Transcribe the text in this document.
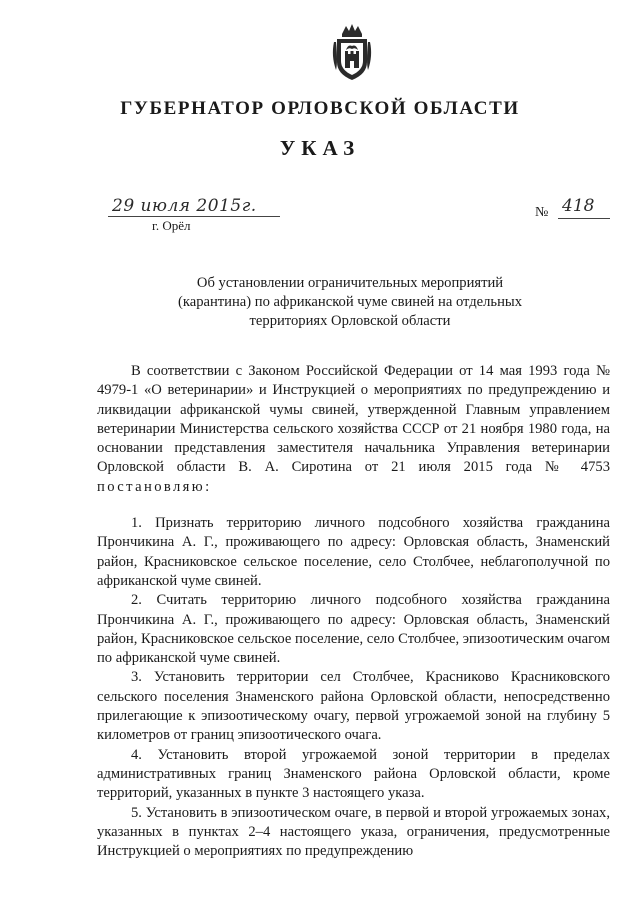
ГУБЕРНАТОР ОРЛОВСКОЙ ОБЛАСТИ
УКАЗ
29 июля 2015г.
г. Орёл
№ 418
Об установлении ограничительных мероприятий
(карантина) по африканской чуме свиней на отдельных
территориях Орловской области

В соответствии с Законом Российской Федерации от 14 мая 1993 года № 4979-1 «О ветеринарии» и Инструкцией о мероприятиях по предупреждению и ликвидации африканской чумы свиней, утвержденной Главным управлением ветеринарии Министерства сельского хозяйства СССР от 21 ноября 1980 года, на основании представления заместителя начальника Управления ветеринарии Орловской области В. А. Сиротина от 21 июля 2015 года № 4753 постановляю:

1. Признать территорию личного подсобного хозяйства гражданина Прончикина А. Г., проживающего по адресу: Орловская область, Знаменский район, Красниковское сельское поселение, село Столбчее, неблагополучной по африканской чуме свиней.

2. Считать территорию личного подсобного хозяйства гражданина Прончикина А. Г., проживающего по адресу: Орловская область, Знаменский район, Красниковское сельское поселение, село Столбчее, эпизоотическим очагом по африканской чуме свиней.

3. Установить территории сел Столбчее, Красниково Красниковского сельского поселения Знаменского района Орловской области, непосредственно прилегающие к эпизоотическому очагу, первой угрожаемой зоной на глубину 5 километров от границ эпизоотического очага.

4. Установить второй угрожаемой зоной территории в пределах административных границ Знаменского района Орловской области, кроме территорий, указанных в пункте 3 настоящего указа.

5. Установить в эпизоотическом очаге, в первой и второй угрожаемых зонах, указанных в пунктах 2–4 настоящего указа, ограничения, предусмотренные Инструкцией о мероприятиях по предупреждению
